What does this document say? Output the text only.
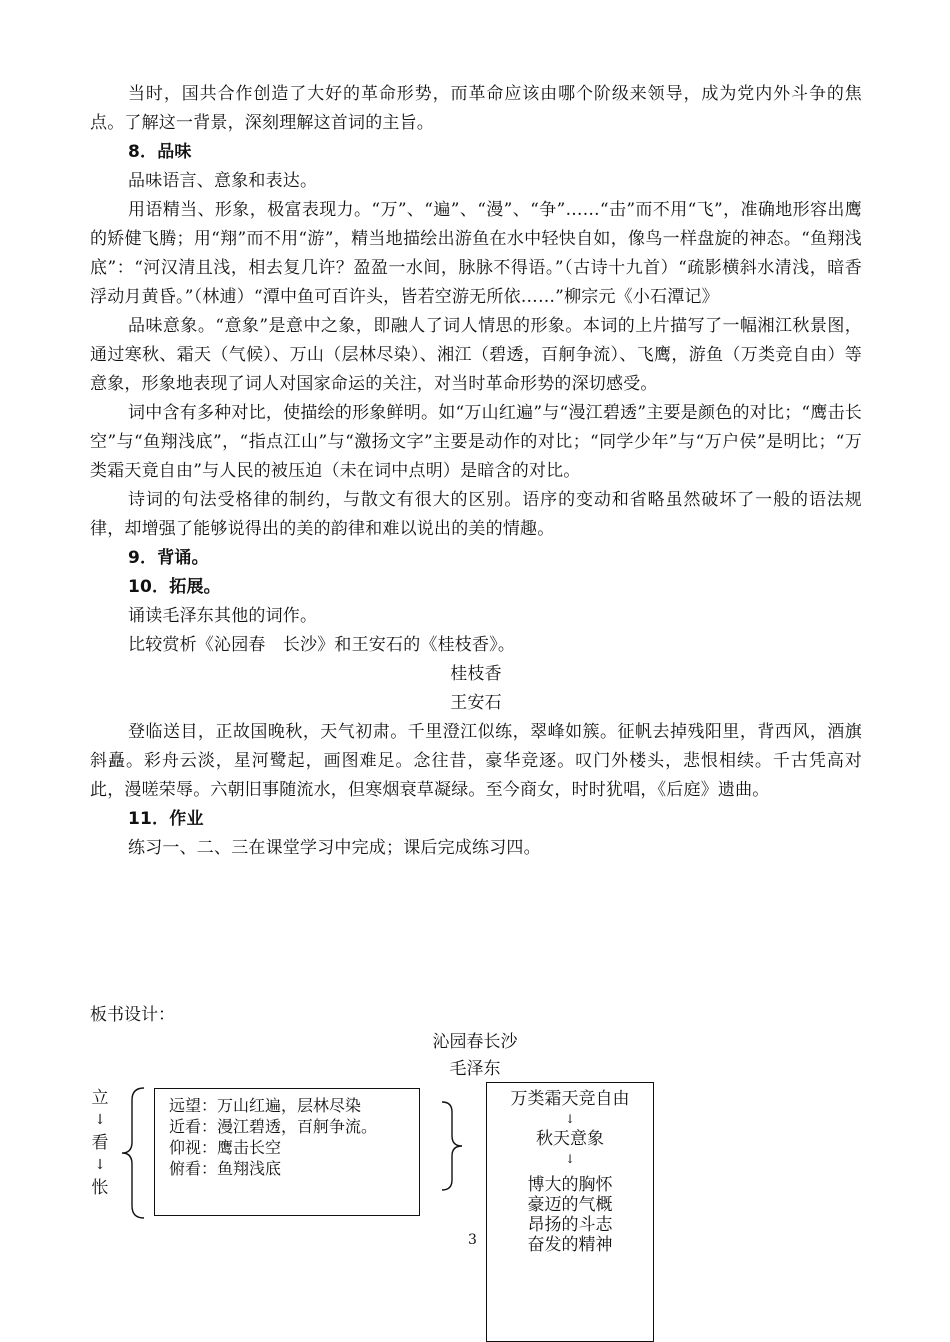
当时，国共合作创造了大好的革命形势，而革命应该由哪个阶级来领导，成为党内外斗争的焦点。了解这一背景，深刻理解这首词的主旨。

8．品味

品味语言、意象和表达。

用语精当、形象，极富表现力。“万”、“遍”、“漫”、“争”……“击”而不用“飞”，准确地形容出鹰的矫健飞腾；用“翔”而不用“游”，精当地描绘出游鱼在水中轻快自如，像鸟一样盘旋的神态。“鱼翔浅底”：“河汉清且浅，相去复几许？盈盈一水间，脉脉不得语。”（古诗十九首）“疏影横斜水清浅，暗香浮动月黄昏。”（林逋）“潭中鱼可百许头，皆若空游无所依……”柳宗元《小石潭记》

品味意象。“意象”是意中之象，即融人了词人情思的形象。本词的上片描写了一幅湘江秋景图，通过寒秋、霜天（气候）、万山（层林尽染）、湘江（碧透，百舸争流）、飞鹰，游鱼（万类竞自由）等意象，形象地表现了词人对国家命运的关注，对当时革命形势的深切感受。

词中含有多种对比，使描绘的形象鲜明。如“万山红遍”与“漫江碧透”主要是颜色的对比；“鹰击长空”与“鱼翔浅底”，“指点江山”与“激扬文字”主要是动作的对比；“同学少年”与“万户侯”是明比；“万类霜天竟自由”与人民的被压迫（未在词中点明）是暗含的对比。

诗词的句法受格律的制约，与散文有很大的区别。语序的变动和省略虽然破坏了一般的语法规律，却增强了能够说得出的美的韵律和难以说出的美的情趣。

9．背诵。

10．拓展。

诵读毛泽东其他的词作。

比较赏析《沁园春　长沙》和王安石的《桂枝香》。

桂枝香

王安石

登临送目，正故国晚秋，天气初肃。千里澄江似练，翠峰如簇。征帆去掉残阳里，背西风，酒旗斜矗。彩舟云淡，星河鹭起，画图难足。念往昔，豪华竞逐。叹门外楼头，悲恨相续。千古凭高对此，漫嗟荣辱。六朝旧事随流水，但寒烟衰草凝绿。至今商女，时时犹唱，《后庭》遗曲。

11．作业

练习一、二、三在课堂学习中完成；课后完成练习四。

板书设计：
沁园春长沙
毛泽东
立
↓
看
↓
怅
远望：万山红遍，层林尽染
近看：漫江碧透，百舸争流。
仰视：鹰击长空
俯看：鱼翔浅底
万类霜天竞自由
↓
秋天意象
↓
博大的胸怀
豪迈的气概
昂扬的斗志
奋发的精神
3
